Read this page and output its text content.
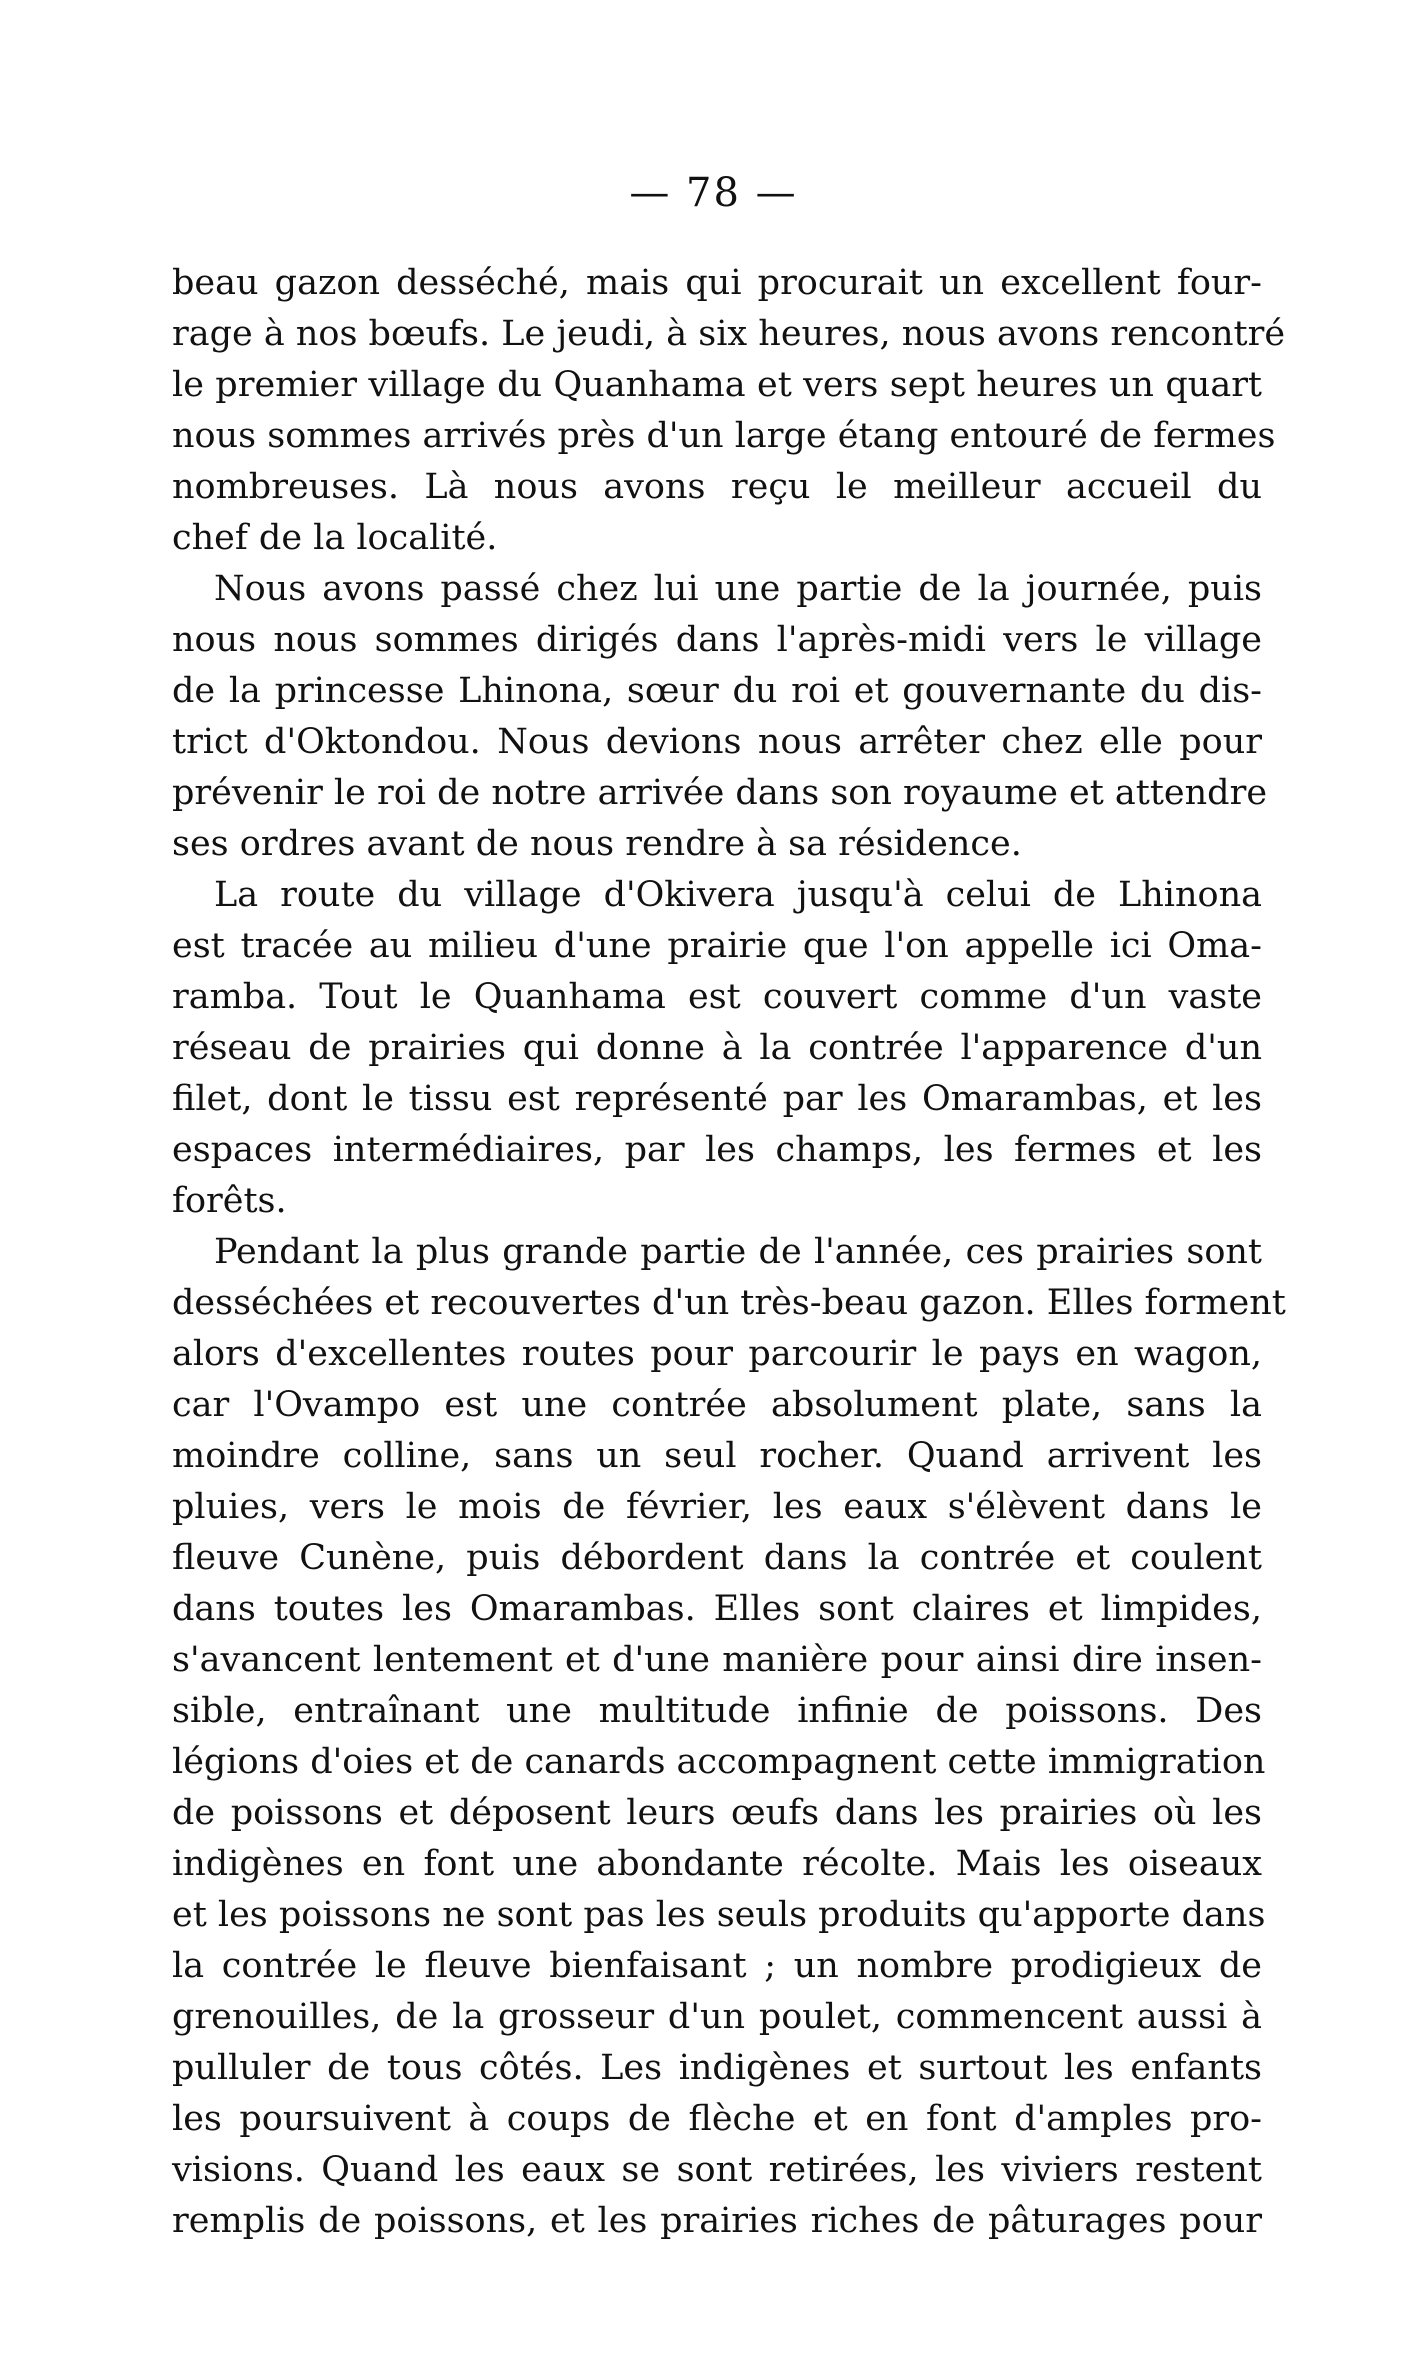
— 78 —
beau gazon desséché, mais qui procurait un excellent four-
rage à nos bœufs. Le jeudi, à six heures, nous avons rencontré
le premier village du Quanhama et vers sept heures un quart
nous sommes arrivés près d'un large étang entouré de fermes
nombreuses. Là nous avons reçu le meilleur accueil du
chef de la localité.
Nous avons passé chez lui une partie de la journée, puis
nous nous sommes dirigés dans l'après-midi vers le village
de la princesse Lhinona, sœur du roi et gouvernante du dis-
trict d'Oktondou. Nous devions nous arrêter chez elle pour
prévenir le roi de notre arrivée dans son royaume et attendre
ses ordres avant de nous rendre à sa résidence.
La route du village d'Okivera jusqu'à celui de Lhinona
est tracée au milieu d'une prairie que l'on appelle ici Oma-
ramba. Tout le Quanhama est couvert comme d'un vaste
réseau de prairies qui donne à la contrée l'apparence d'un
filet, dont le tissu est représenté par les Omarambas, et les
espaces intermédiaires, par les champs, les fermes et les
forêts.
Pendant la plus grande partie de l'année, ces prairies sont
desséchées et recouvertes d'un très-beau gazon. Elles forment
alors d'excellentes routes pour parcourir le pays en wagon,
car l'Ovampo est une contrée absolument plate, sans la
moindre colline, sans un seul rocher. Quand arrivent les
pluies, vers le mois de février, les eaux s'élèvent dans le
fleuve Cunène, puis débordent dans la contrée et coulent
dans toutes les Omarambas. Elles sont claires et limpides,
s'avancent lentement et d'une manière pour ainsi dire insen-
sible, entraînant une multitude infinie de poissons. Des
légions d'oies et de canards accompagnent cette immigration
de poissons et déposent leurs œufs dans les prairies où les
indigènes en font une abondante récolte. Mais les oiseaux
et les poissons ne sont pas les seuls produits qu'apporte dans
la contrée le fleuve bienfaisant ; un nombre prodigieux de
grenouilles, de la grosseur d'un poulet, commencent aussi à
pulluler de tous côtés. Les indigènes et surtout les enfants
les poursuivent à coups de flèche et en font d'amples pro-
visions. Quand les eaux se sont retirées, les viviers restent
remplis de poissons, et les prairies riches de pâturages pour
